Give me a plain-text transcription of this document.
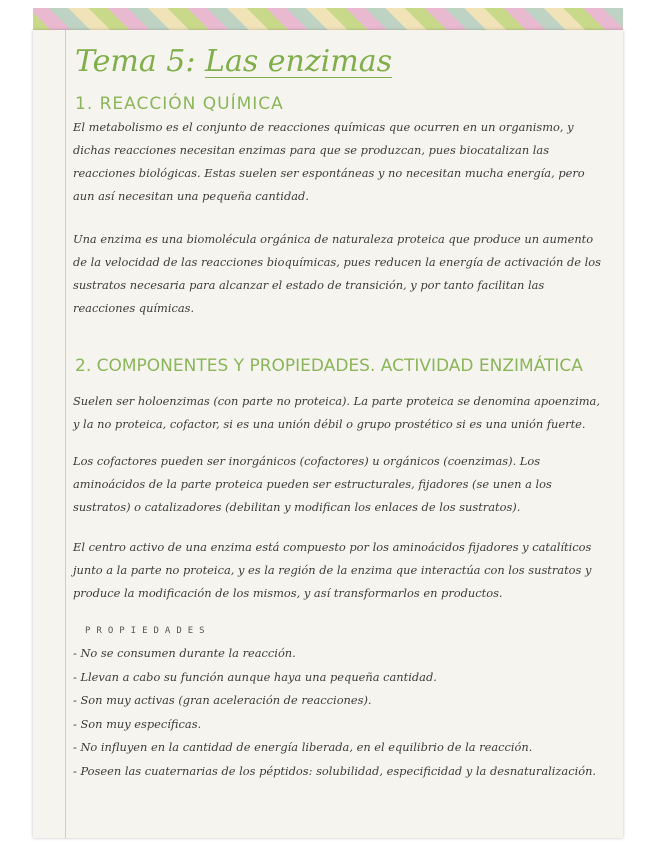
Tema 5: Las enzimas
1. REACCIÓN QUÍMICA

El metabolismo es el conjunto de reacciones químicas que ocurren en un organismo, y dichas reacciones necesitan enzimas para que se produzcan, pues biocatalizan las reacciones biológicas. Estas suelen ser espontáneas y no necesitan mucha energía, pero aun así necesitan una pequeña cantidad.

Una enzima es una biomolécula orgánica de naturaleza proteica que produce un aumento de la velocidad de las reacciones bioquímicas, pues reducen la energía de activación de los sustratos necesaria para alcanzar el estado de transición, y por tanto facilitan las reacciones químicas.

2. COMPONENTES Y PROPIEDADES. ACTIVIDAD ENZIMÁTICA

Suelen ser holoenzimas (con parte no proteica). La parte proteica se denomina apoenzima, y la no proteica, cofactor, si es una unión débil o grupo prostético si es una unión fuerte.

Los cofactores pueden ser inorgánicos (cofactores) u orgánicos (coenzimas). Los aminoácidos de la parte proteica pueden ser estructurales, fijadores (se unen a los sustratos) o catalizadores (debilitan y modifican los enlaces de los sustratos).

El centro activo de una enzima está compuesto por los aminoácidos fijadores y catalíticos junto a la parte no proteica, y es la región de la enzima que interactúa con los sustratos y produce la modificación de los mismos, y así transformarlos en productos.

PROPIEDADES

- No se consumen durante la reacción.
- Llevan a cabo su función aunque haya una pequeña cantidad.
- Son muy activas (gran aceleración de reacciones).
- Son muy específicas.
- No influyen en la cantidad de energía liberada, en el equilibrio de la reacción.
- Poseen las cuaternarias de los péptidos: solubilidad, especificidad y la desnaturalización.
